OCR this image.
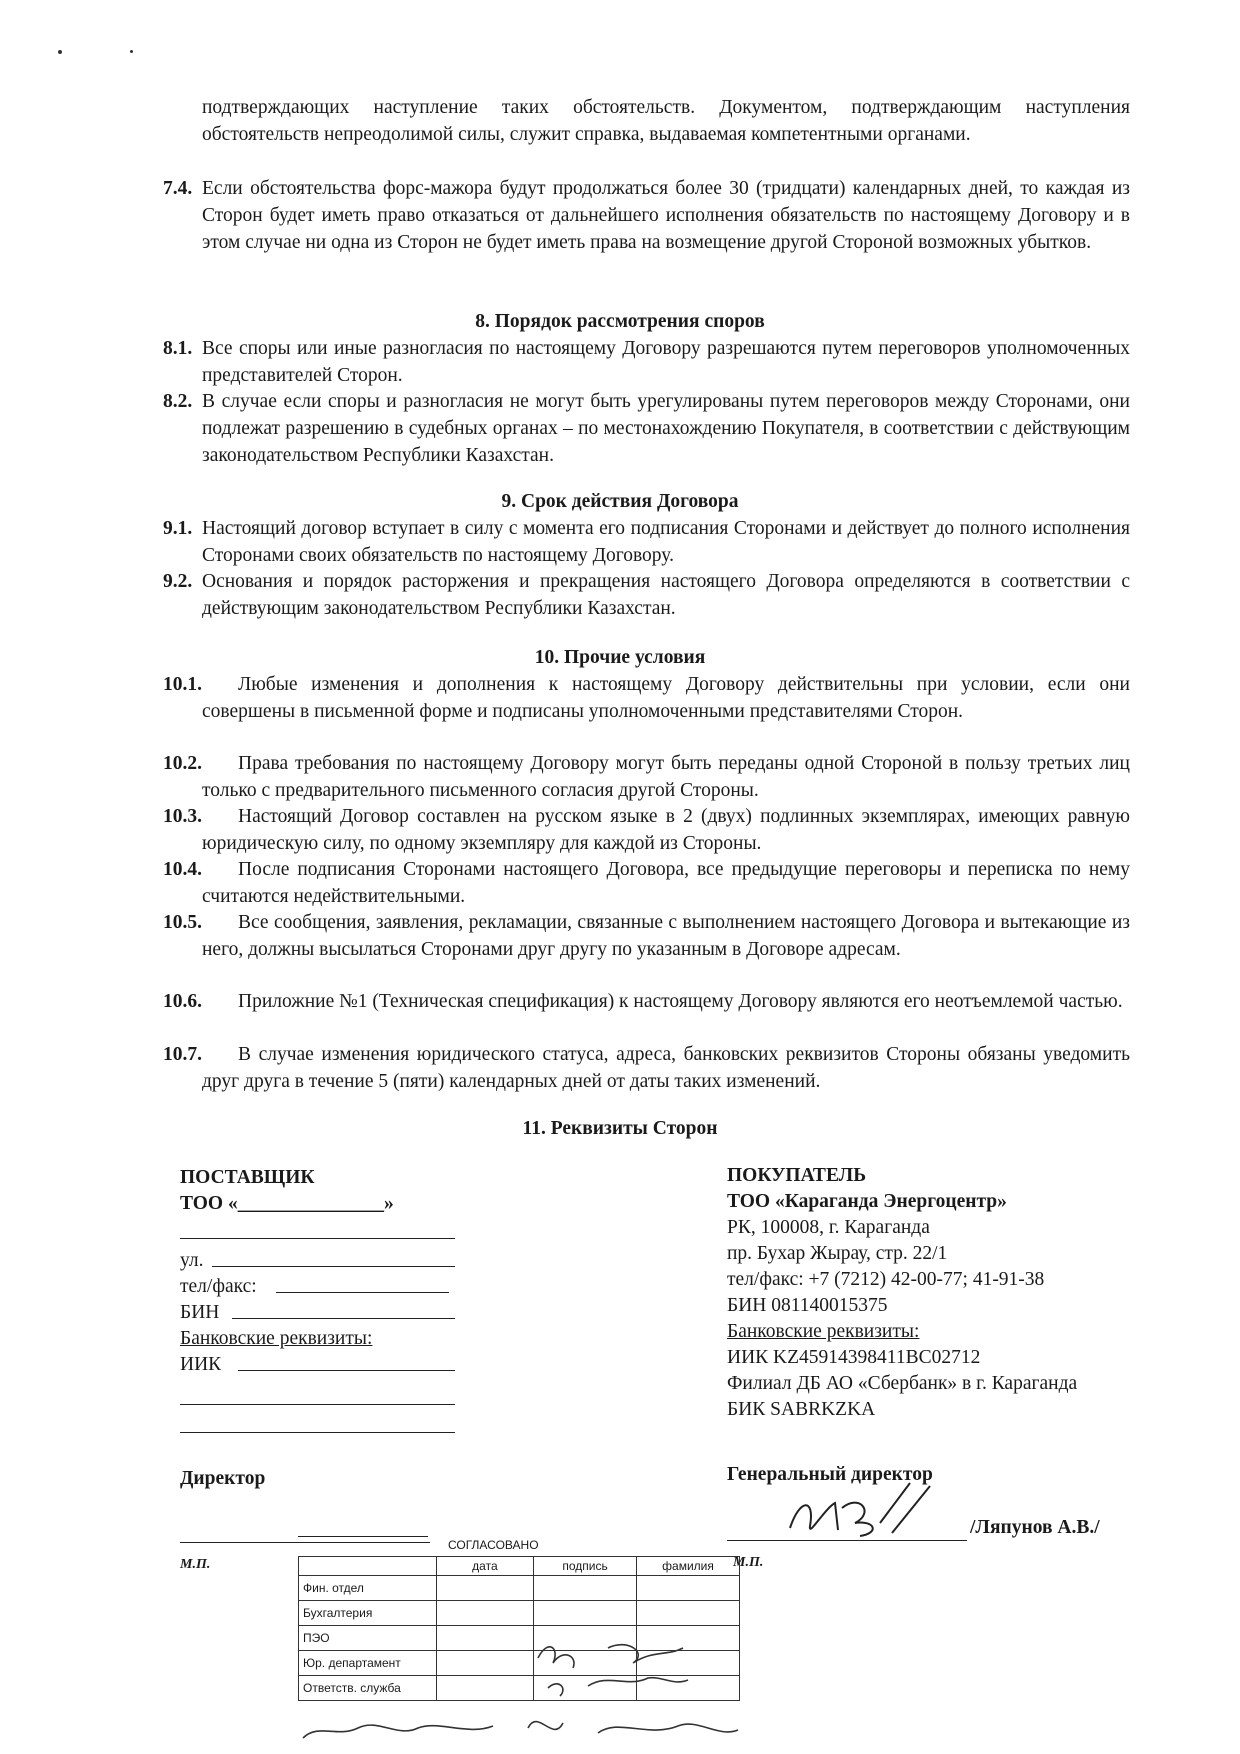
подтверждающих наступление таких обстоятельств. Документом, подтверждающим наступления обстоятельств непреодолимой силы, служит справка, выдаваемая компетентными органами.
7.4. Если обстоятельства форс-мажора будут продолжаться более 30 (тридцати) календарных дней, то каждая из Сторон будет иметь право отказаться от дальнейшего исполнения обязательств по настоящему Договору и в этом случае ни одна из Сторон не будет иметь права на возмещение другой Стороной возможных убытков.
8. Порядок рассмотрения споров
8.1. Все споры или иные разногласия по настоящему Договору разрешаются путем переговоров уполномоченных представителей Сторон.
8.2. В случае если споры и разногласия не могут быть урегулированы путем переговоров между Сторонами, они подлежат разрешению в судебных органах – по местонахождению Покупателя, в соответствии с действующим законодательством Республики Казахстан.
9. Срок действия Договора
9.1. Настоящий договор вступает в силу с момента его подписания Сторонами и действует до полного исполнения Сторонами своих обязательств по настоящему Договору.
9.2. Основания и порядок расторжения и прекращения настоящего Договора определяются в соответствии с действующим законодательством Республики Казахстан.
10. Прочие условия
10.1.	Любые изменения и дополнения к настоящему Договору действительны при условии, если они совершены в письменной форме и подписаны уполномоченными представителями Сторон.
10.2.	Права требования по настоящему Договору могут быть переданы одной Стороной в пользу третьих лиц только с предварительного письменного согласия другой Стороны.
10.3.	Настоящий Договор составлен на русском языке в 2 (двух) подлинных экземплярах, имеющих равную юридическую силу, по одному экземпляру для каждой из Стороны.
10.4.	После подписания Сторонами настоящего Договора, все предыдущие переговоры и переписка по нему считаются недействительными.
10.5.	Все сообщения, заявления, рекламации, связанные с выполнением настоящего Договора и вытекающие из него, должны высылаться Сторонами друг другу по указанным в Договоре адресам.
10.6.	Приложние №1 (Техническая спецификация) к настоящему Договору являются его неотъемлемой частью.
10.7.	В случае изменения юридического статуса, адреса, банковских реквизитов Стороны обязаны уведомить друг друга в течение 5 (пяти) календарных дней от даты таких изменений.
11. Реквизиты Сторон
ПОСТАВЩИК
ТОО «_______________»
ул.
тел/факс:
БИН
Банковские реквизиты:
ИИК
Директор
М.П.
ПОКУПАТЕЛЬ
ТОО «Караганда Энергоцентр»
РК, 100008, г. Караганда
пр. Бухар Жырау, стр. 22/1
тел/факс: +7 (7212) 42-00-77; 41-91-38
БИН 081140015375
Банковские реквизиты:
ИИК KZ45914398411BC02712
Филиал ДБ АО «Сбербанк» в г. Караганда
БИК SABRKZKA
Генеральный директор
/Ляпунов А.В./
М.П.
СОГЛАСОВАНО
	дата	подпись	фамилия
Фин. отдел			
Бухгалтерия			
ПЭО			
Юр. департамент			
Ответств. служба			
